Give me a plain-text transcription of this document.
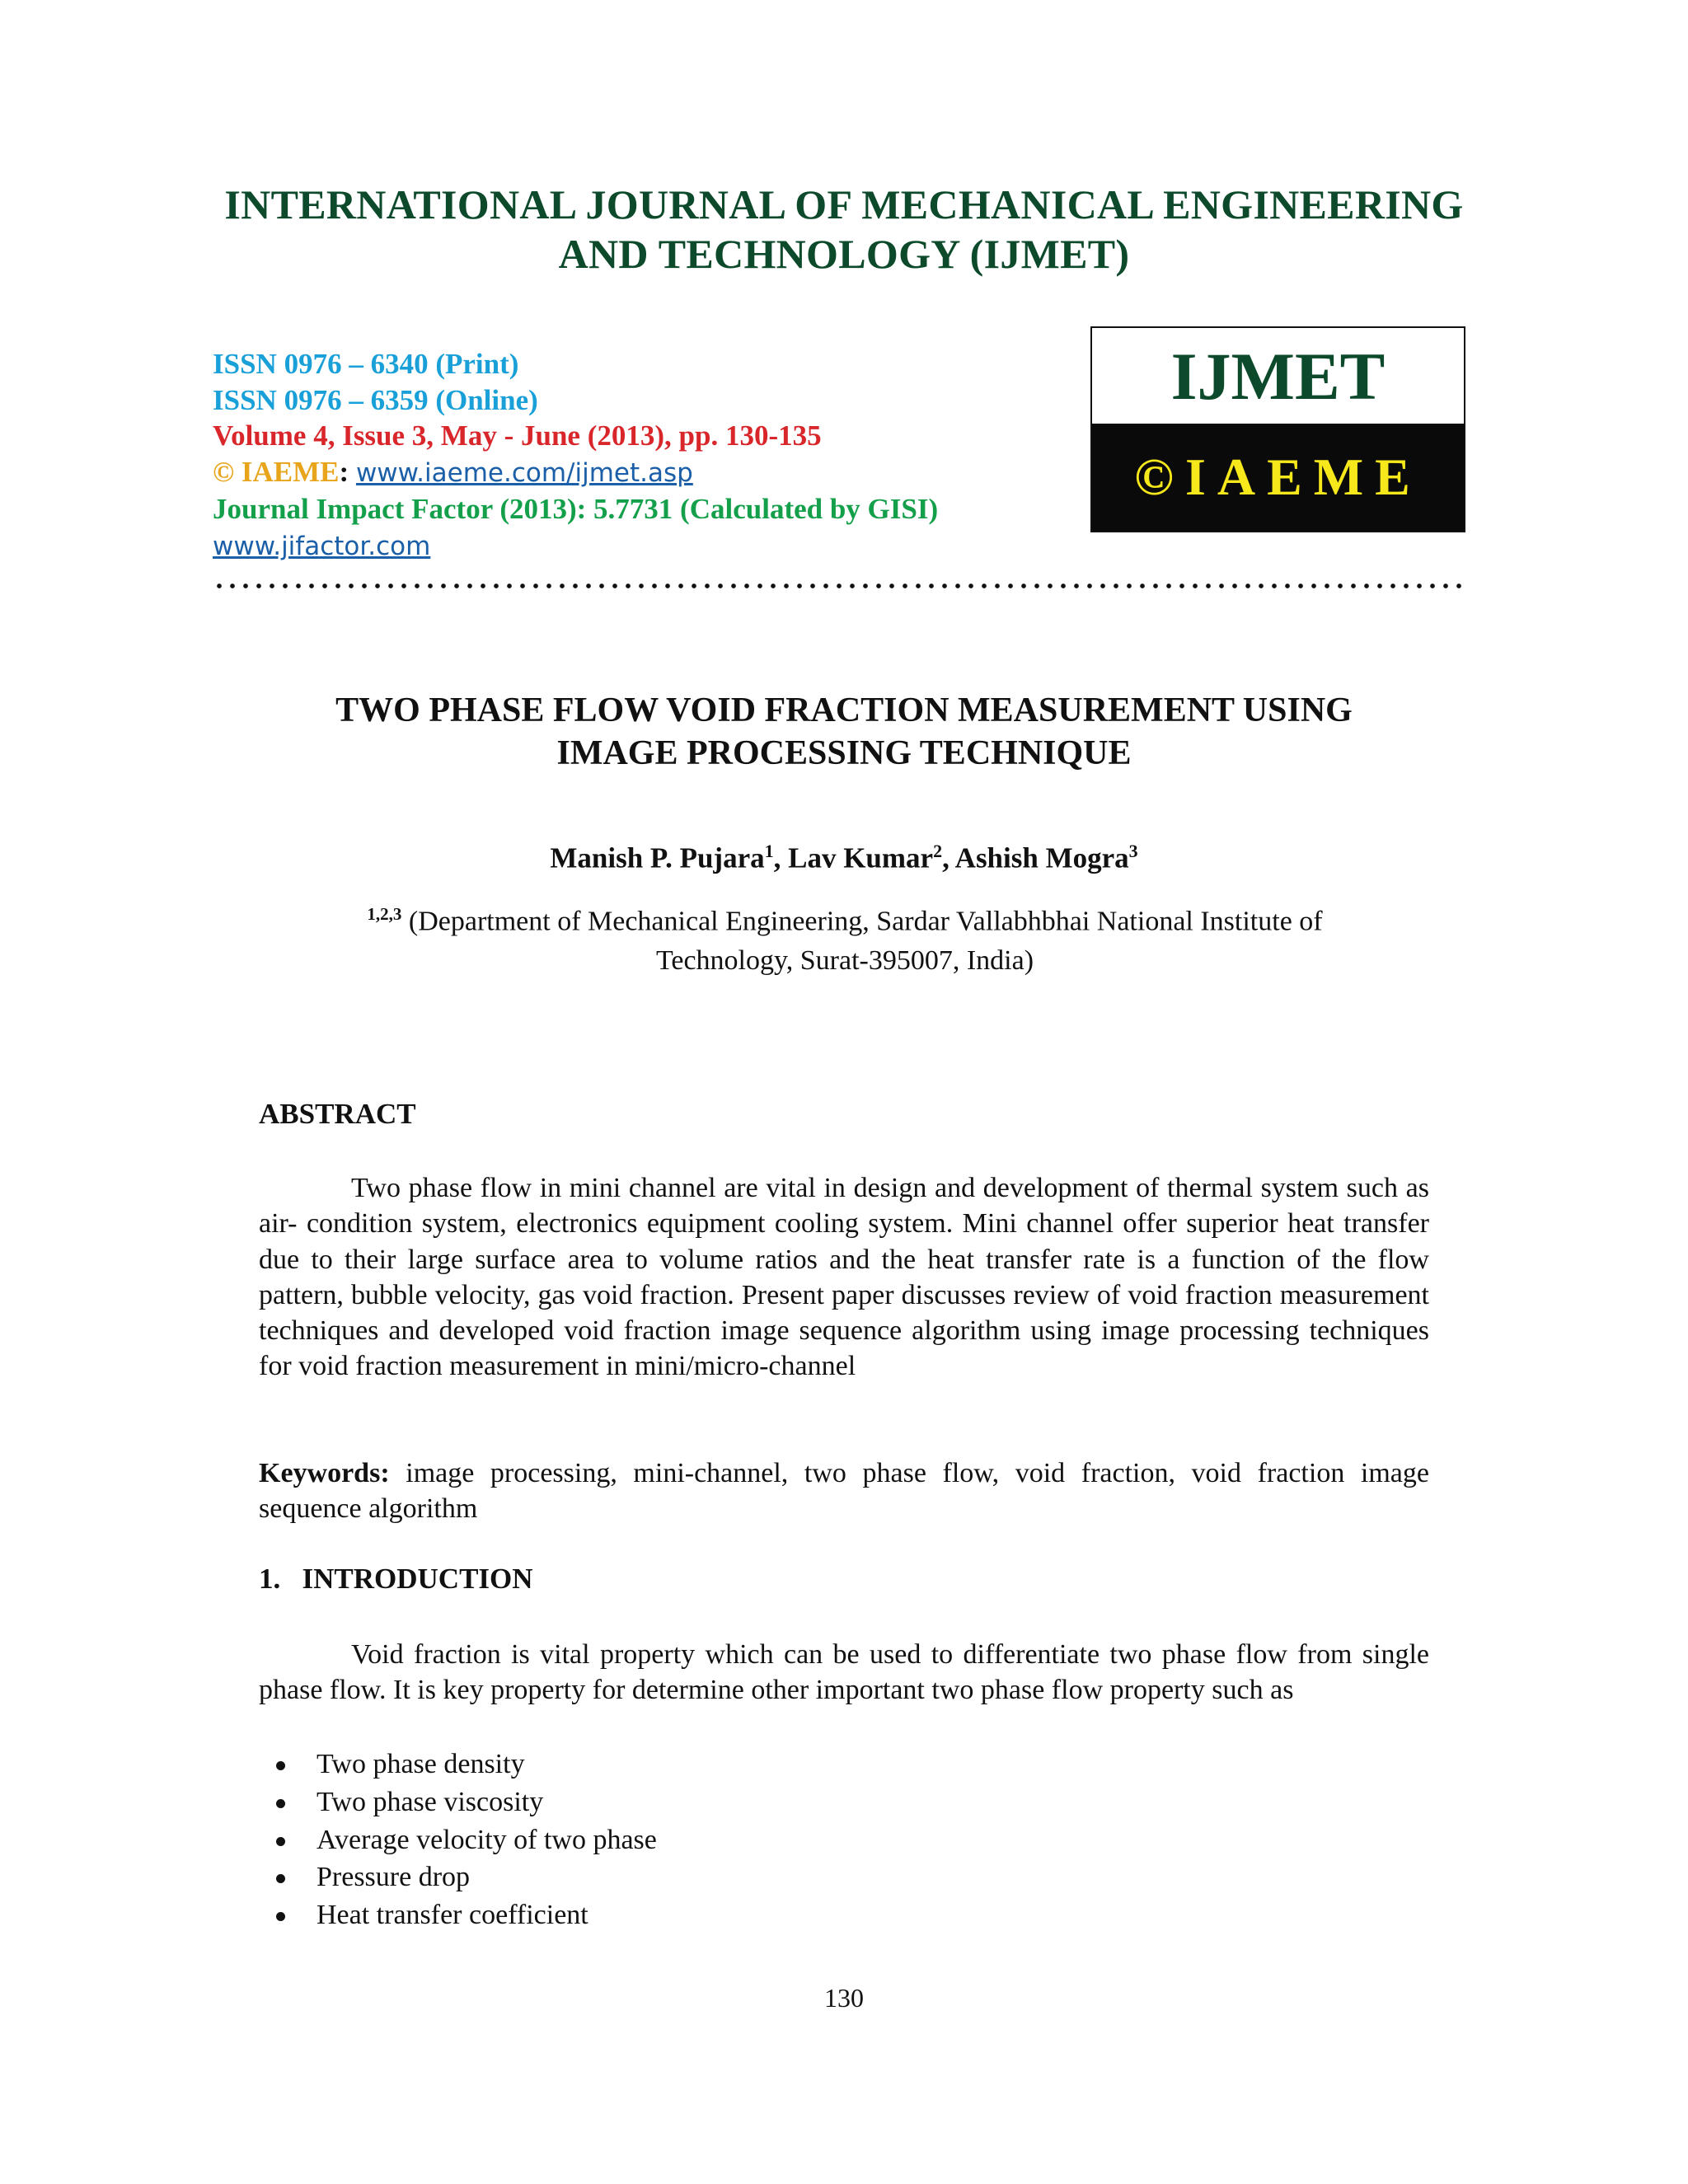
INTERNATIONAL JOURNAL OF MECHANICAL ENGINEERING
AND TECHNOLOGY (IJMET)
ISSN 0976 – 6340 (Print)
ISSN 0976 – 6359 (Online)
Volume 4, Issue 3, May - June (2013), pp. 130-135
© IAEME: www.iaeme.com/ijmet.asp
Journal Impact Factor (2013): 5.7731 (Calculated by GISI)
www.jifactor.com
IJMET
©IAEME
TWO PHASE FLOW VOID FRACTION MEASUREMENT USING
IMAGE PROCESSING TECHNIQUE
Manish P. Pujara$^1$, Lav Kumar$^2$, Ashish Mogra$^3$
$^{1,2,3}$ (Department of Mechanical Engineering, Sardar Vallabhbhai National Institute of Technology, Surat-395007, India)
ABSTRACT

Two phase flow in mini channel are vital in design and development of thermal system such as air- condition system, electronics equipment cooling system. Mini channel offer superior heat transfer due to their large surface area to volume ratios and the heat transfer rate is a function of the flow pattern, bubble velocity, gas void fraction. Present paper discusses review of void fraction measurement techniques and developed void fraction image sequence algorithm using image processing techniques for void fraction measurement in mini/micro-channel

Keywords: image processing, mini-channel, two phase flow, void fraction, void fraction image sequence algorithm
1.   INTRODUCTION

Void fraction is vital property which can be used to differentiate two phase flow from single phase flow. It is key property for determine other important two phase flow property such as

Two phase density
Two phase viscosity
Average velocity of two phase
Pressure drop
Heat transfer coefficient
130
